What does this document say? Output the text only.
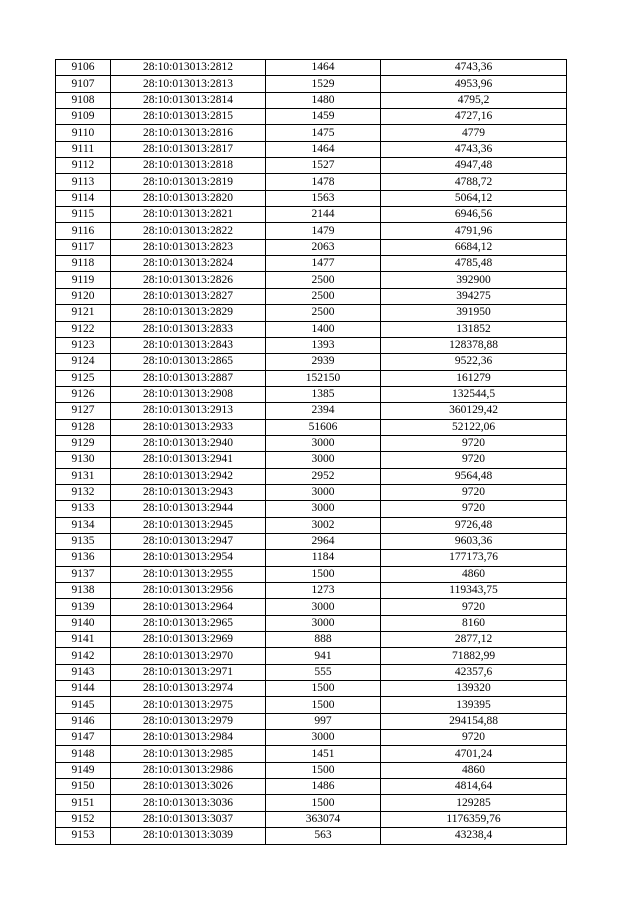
9106	28:10:013013:2812	1464	4743,36
9107	28:10:013013:2813	1529	4953,96
9108	28:10:013013:2814	1480	4795,2
9109	28:10:013013:2815	1459	4727,16
9110	28:10:013013:2816	1475	4779
9111	28:10:013013:2817	1464	4743,36
9112	28:10:013013:2818	1527	4947,48
9113	28:10:013013:2819	1478	4788,72
9114	28:10:013013:2820	1563	5064,12
9115	28:10:013013:2821	2144	6946,56
9116	28:10:013013:2822	1479	4791,96
9117	28:10:013013:2823	2063	6684,12
9118	28:10:013013:2824	1477	4785,48
9119	28:10:013013:2826	2500	392900
9120	28:10:013013:2827	2500	394275
9121	28:10:013013:2829	2500	391950
9122	28:10:013013:2833	1400	131852
9123	28:10:013013:2843	1393	128378,88
9124	28:10:013013:2865	2939	9522,36
9125	28:10:013013:2887	152150	161279
9126	28:10:013013:2908	1385	132544,5
9127	28:10:013013:2913	2394	360129,42
9128	28:10:013013:2933	51606	52122,06
9129	28:10:013013:2940	3000	9720
9130	28:10:013013:2941	3000	9720
9131	28:10:013013:2942	2952	9564,48
9132	28:10:013013:2943	3000	9720
9133	28:10:013013:2944	3000	9720
9134	28:10:013013:2945	3002	9726,48
9135	28:10:013013:2947	2964	9603,36
9136	28:10:013013:2954	1184	177173,76
9137	28:10:013013:2955	1500	4860
9138	28:10:013013:2956	1273	119343,75
9139	28:10:013013:2964	3000	9720
9140	28:10:013013:2965	3000	8160
9141	28:10:013013:2969	888	2877,12
9142	28:10:013013:2970	941	71882,99
9143	28:10:013013:2971	555	42357,6
9144	28:10:013013:2974	1500	139320
9145	28:10:013013:2975	1500	139395
9146	28:10:013013:2979	997	294154,88
9147	28:10:013013:2984	3000	9720
9148	28:10:013013:2985	1451	4701,24
9149	28:10:013013:2986	1500	4860
9150	28:10:013013:3026	1486	4814,64
9151	28:10:013013:3036	1500	129285
9152	28:10:013013:3037	363074	1176359,76
9153	28:10:013013:3039	563	43238,4
